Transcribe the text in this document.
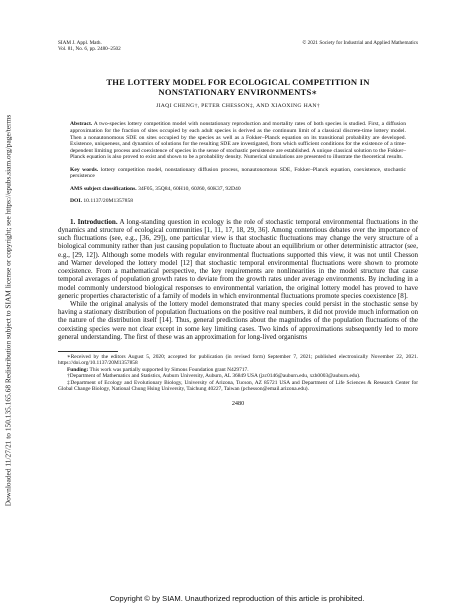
Downloaded 11/27/21 to 150.135.165.68 Redistribution subject to SIAM license or copyright; see https://epubs.siam.org/page/terms
SIAM J. Appl. Math.
Vol. 81, No. 6, pp. 2480–2502
© 2021 Society for Industrial and Applied Mathematics
THE LOTTERY MODEL FOR ECOLOGICAL COMPETITION IN
NONSTATIONARY ENVIRONMENTS∗
JIAQI CHENG†, PETER CHESSON‡, AND XIAOXING HAN†

Abstract. A two-species lottery competition model with nonstationary reproduction and mortality rates of both species is studied. First, a diffusion approximation for the fraction of sites occupied by each adult species is derived as the continuum limit of a classical discrete-time lottery model. Then a nonautonomous SDE on sites occupied by the species as well as a Fokker–Planck equation on its transitional probability are developed. Existence, uniqueness, and dynamics of solutions for the resulting SDE are investigated, from which sufficient conditions for the existence of a time-dependent limiting process and coexistence of species in the sense of stochastic persistence are established. A unique classical solution to the Fokker–Planck equation is also proved to exist and shown to be a probability density. Numerical simulations are presented to illustrate the theoretical results.

Key words. lottery competition model, nonstationary diffusion process, nonautonomous SDE, Fokker–Planck equation, coexistence, stochastic persistence

AMS subject classifications. 34F05, 35Q84, 60H10, 60J60, 60K37, 92D40

DOI. 10.1137/20M1357858

1. Introduction. A long-standing question in ecology is the role of stochastic temporal environmental fluctuations in the dynamics and structure of ecological communities [1, 11, 17, 18, 29, 36]. Among contentious debates over the importance of such fluctuations (see, e.g., [36, 29]), one particular view is that stochastic fluctuations may change the very structure of a biological community rather than just causing population to fluctuate about an equilibrium or other deterministic attractor (see, e.g., [29, 12]). Although some models with regular environmental fluctuations supported this view, it was not until Chesson and Warner developed the lottery model [12] that stochastic temporal environmental fluctuations were shown to promote coexistence. From a mathematical perspective, the key requirements are nonlinearities in the model structure that cause temporal averages of population growth rates to deviate from the growth rates under average environments. By including in a model commonly understood biological responses to environmental variation, the original lottery model has proved to have generic properties characteristic of a family of models in which environmental fluctuations promote species coexistence [8].

While the original analysis of the lottery model demonstrated that many species could persist in the stochastic sense by having a stationary distribution of population fluctuations on the positive real numbers, it did not provide much information on the nature of the distribution itself [14]. Thus, general predictions about the magnitudes of the population fluctuations of the coexisting species were not clear except in some key limiting cases. Two kinds of approximations subsequently led to more general understanding. The first of these was an approximation for long-lived organisms

∗Received by the editors August 5, 2020; accepted for publication (in revised form) September 7, 2021; published electronically November 22, 2021. https://doi.org/10.1137/20M1357858

Funding: This work was partially supported by Simons Foundation grant N429717.

†Department of Mathematics and Statistics, Auburn University, Auburn, AL 36849 USA (jzc0146@auburn.edu, xzh0003@auburn.edu).

‡Department of Ecology and Evolutionary Biology, University of Arizona, Tucson, AZ 85721 USA and Department of Life Sciences & Research Center for Global Change Biology, National Chung Hsing University, Taichung 40227, Taiwan (pchesson@email.arizona.edu).

2480
Copyright © by SIAM. Unauthorized reproduction of this article is prohibited.
